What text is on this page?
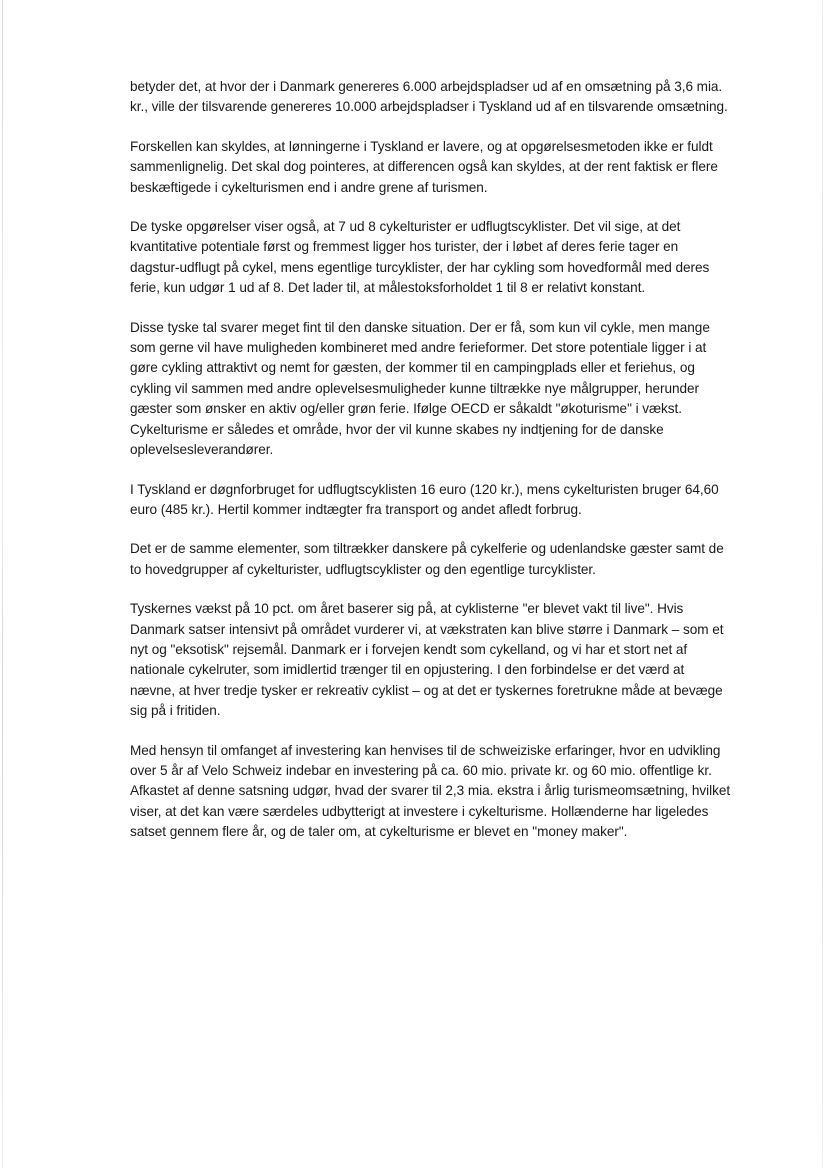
betyder det, at hvor der i Danmark genereres 6.000 arbejdspladser ud af en omsætning på 3,6 mia.
kr., ville der tilsvarende genereres 10.000 arbejdspladser i Tyskland ud af en tilsvarende omsætning.

Forskellen kan skyldes, at lønningerne i Tyskland er lavere, og at opgørelsesmetoden ikke er fuldt
sammenlignelig. Det skal dog pointeres, at differencen også kan skyldes, at der rent faktisk er flere
beskæftigede i cykelturismen end i andre grene af turismen.

De tyske opgørelser viser også, at 7 ud 8 cykelturister er udflugtscyklister. Det vil sige, at det
kvantitative potentiale først og fremmest ligger hos turister, der i løbet af deres ferie tager en
dagstur-udflugt på cykel, mens egentlige turcyklister, der har cykling som hovedformål med deres
ferie, kun udgør 1 ud af 8. Det lader til, at målestoksforholdet 1 til 8 er relativt konstant.

Disse tyske tal svarer meget fint til den danske situation. Der er få, som kun vil cykle, men mange
som gerne vil have muligheden kombineret med andre ferieformer. Det store potentiale ligger i at
gøre cykling attraktivt og nemt for gæsten, der kommer til en campingplads eller et feriehus, og
cykling vil sammen med andre oplevelsesmuligheder kunne tiltrække nye målgrupper, herunder
gæster som ønsker en aktiv og/eller grøn ferie. Ifølge OECD er såkaldt "økoturisme" i vækst.
Cykelturisme er således et område, hvor der vil kunne skabes ny indtjening for de danske
oplevelsesleverandører.

I Tyskland er døgnforbruget for udflugtscyklisten 16 euro (120 kr.), mens cykelturisten bruger 64,60
euro (485 kr.). Hertil kommer indtægter fra transport og andet afledt forbrug.

Det er de samme elementer, som tiltrækker danskere på cykelferie og udenlandske gæster samt de
to hovedgrupper af cykelturister, udflugtscyklister og den egentlige turcyklister.

Tyskernes vækst på 10 pct. om året baserer sig på, at cyklisterne "er blevet vakt til live". Hvis
Danmark satser intensivt på området vurderer vi, at vækstraten kan blive større i Danmark – som et
nyt og "eksotisk" rejsemål. Danmark er i forvejen kendt som cykelland, og vi har et stort net af
nationale cykelruter, som imidlertid trænger til en opjustering. I den forbindelse er det værd at
nævne, at hver tredje tysker er rekreativ cyklist – og at det er tyskernes foretrukne måde at bevæge
sig på i fritiden.

Med hensyn til omfanget af investering kan henvises til de schweiziske erfaringer, hvor en udvikling
over 5 år af Velo Schweiz indebar en investering på ca. 60 mio. private kr. og 60 mio. offentlige kr.
Afkastet af denne satsning udgør, hvad der svarer til 2,3 mia. ekstra i årlig turismeomsætning, hvilket
viser, at det kan være særdeles udbytterigt at investere i cykelturisme. Hollænderne har ligeledes
satset gennem flere år, og de taler om, at cykelturisme er blevet en "money maker".
